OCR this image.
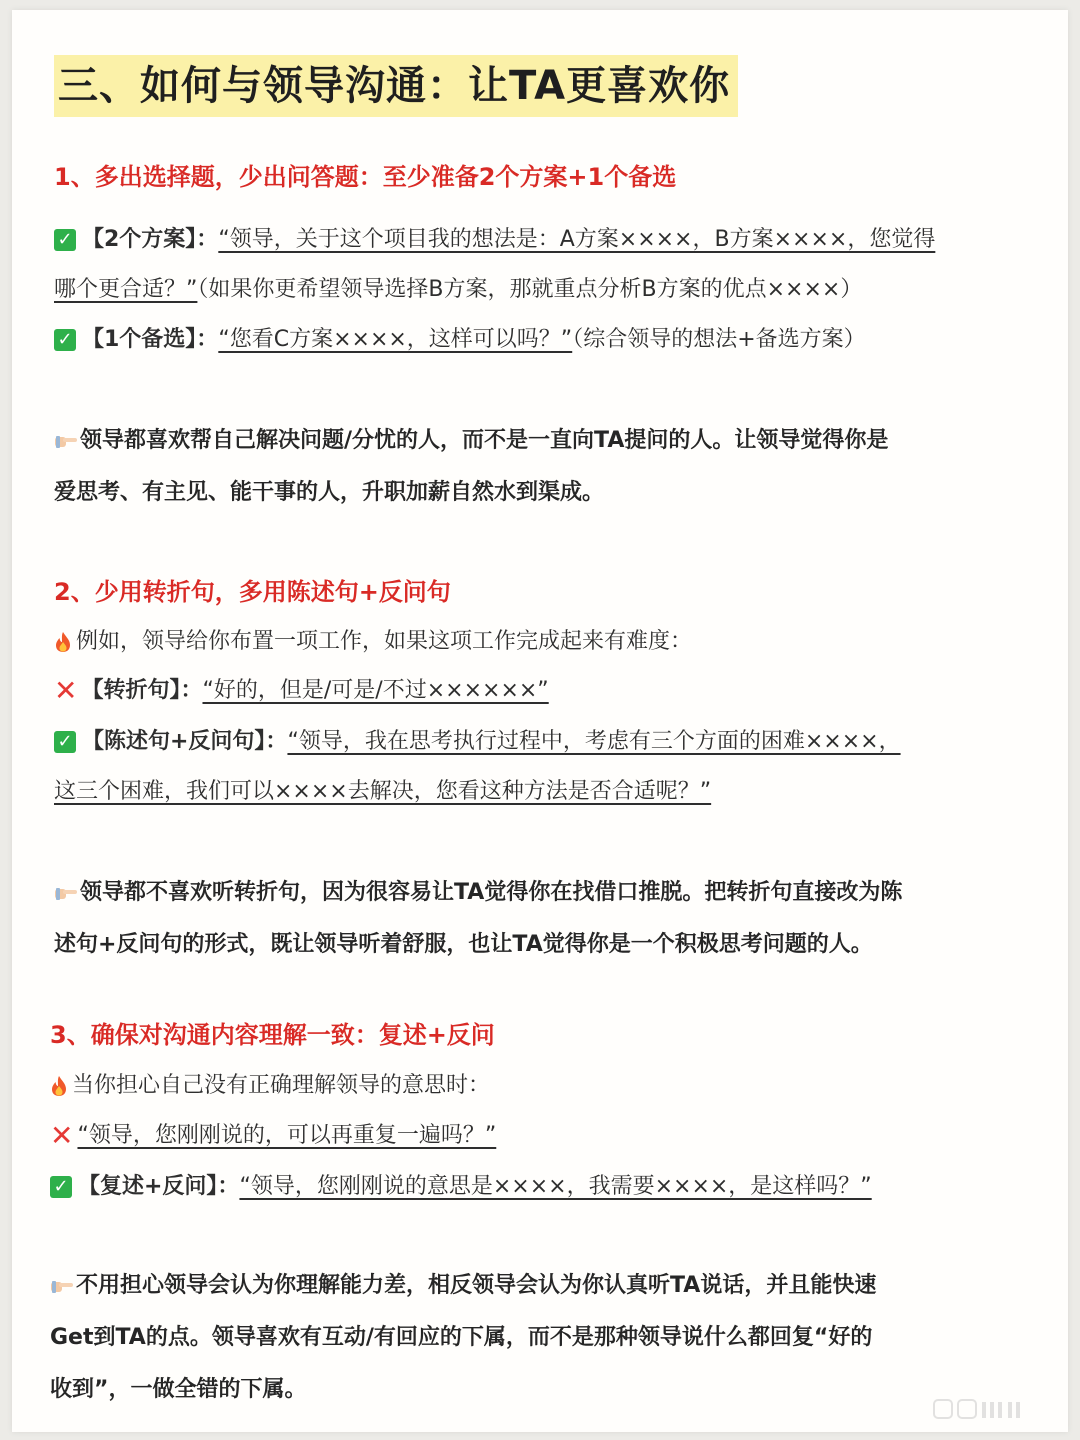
三、如何与领导沟通：让TA更喜欢你
1、多出选择题，少出问答题：至少准备2个方案+1个备选
✓ 【2个方案】：“领导，关于这个项目我的想法是：A方案××××，B方案××××，您觉得
哪个更合适？”（如果你更希望领导选择B方案，那就重点分析B方案的优点××××）
✓ 【1个备选】：“您看C方案××××，这样可以吗？”（综合领导的想法+备选方案）
领导都喜欢帮自己解决问题/分忧的人，而不是一直向TA提问的人。让领导觉得你是
爱思考、有主见、能干事的人，升职加薪自然水到渠成。
2、少用转折句，多用陈述句+反问句
例如，领导给你布置一项工作，如果这项工作完成起来有难度：
✕ 【转折句】：“好的，但是/可是/不过××××××”
✓ 【陈述句+反问句】：“领导，我在思考执行过程中，考虑有三个方面的困难××××，
这三个困难，我们可以××××去解决，您看这种方法是否合适呢？”
领导都不喜欢听转折句，因为很容易让TA觉得你在找借口推脱。把转折句直接改为陈
述句+反问句的形式，既让领导听着舒服，也让TA觉得你是一个积极思考问题的人。
3、确保对沟通内容理解一致：复述+反问
当你担心自己没有正确理解领导的意思时：
✕ “领导，您刚刚说的，可以再重复一遍吗？”
✓ 【复述+反问】：“领导，您刚刚说的意思是××××，我需要××××，是这样吗？”
不用担心领导会认为你理解能力差，相反领导会认为你认真听TA说话，并且能快速
Get到TA的点。领导喜欢有互动/有回应的下属，而不是那种领导说什么都回复“好的
收到”，一做全错的下属。
